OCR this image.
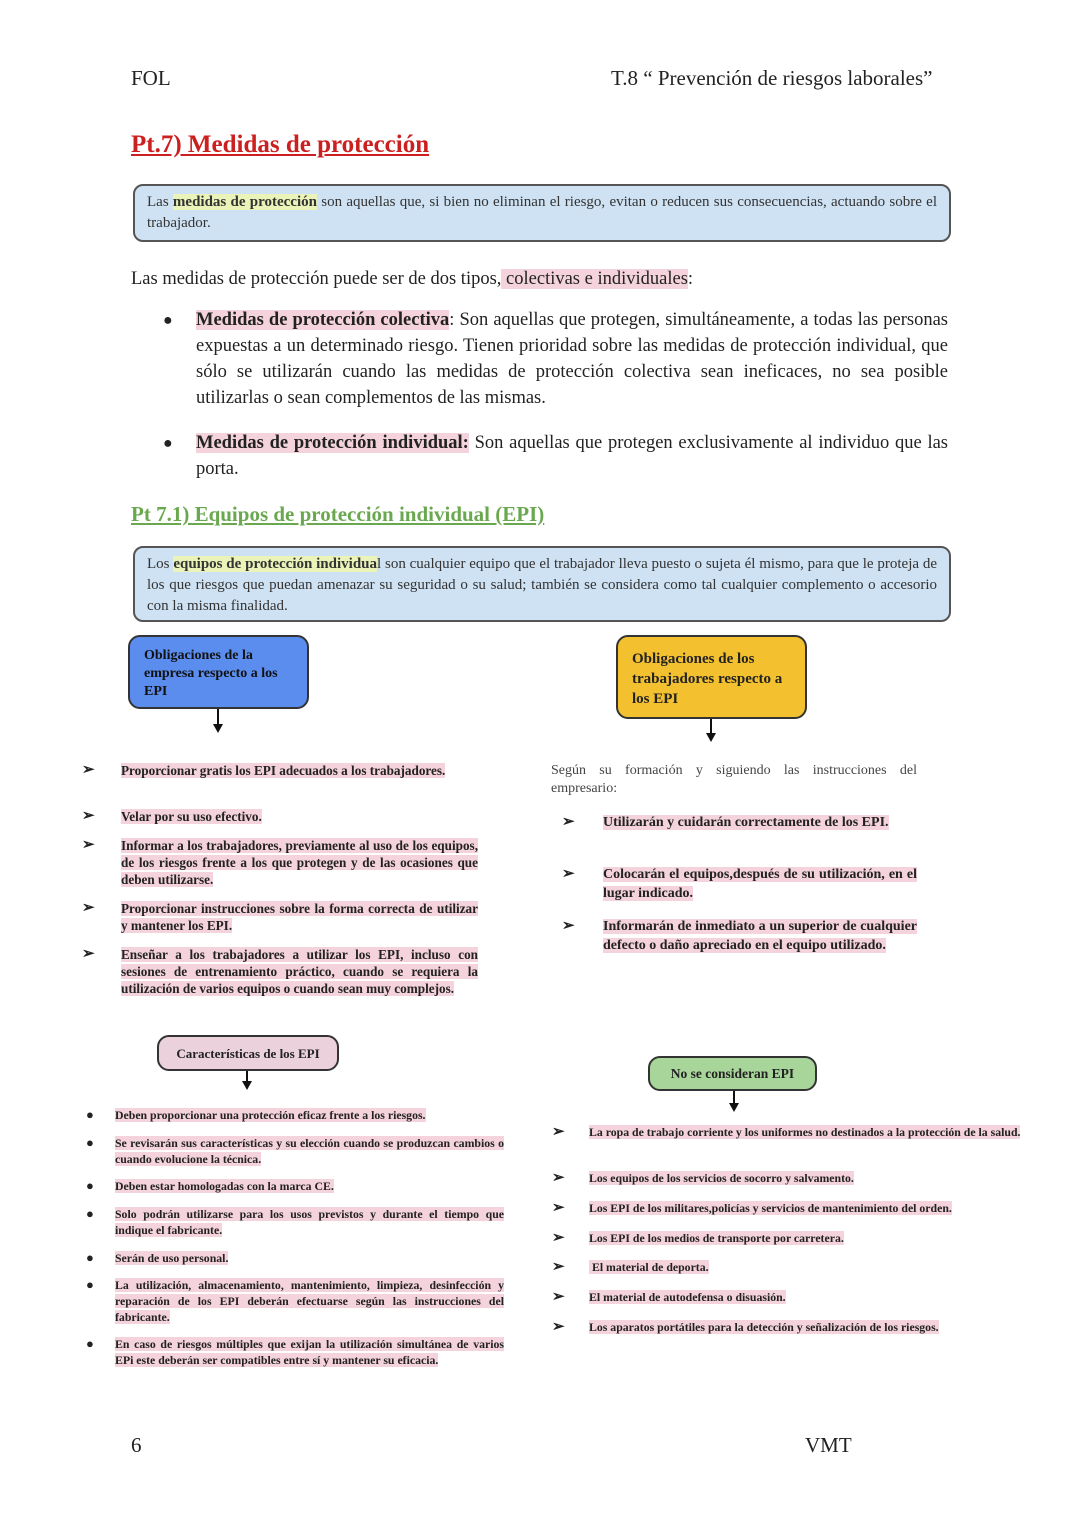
FOL	T.8 “ Prevención de riesgos laborales”
Pt.7) Medidas de protección
Las medidas de protección son aquellas que, si bien no eliminan el riesgo, evitan o reducen sus consecuencias, actuando sobre el trabajador.
Las medidas de protección puede ser de dos tipos, colectivas e individuales:
● Medidas de protección colectiva: Son aquellas que protegen, simultáneamente, a todas las personas expuestas a un determinado riesgo. Tienen prioridad sobre las medidas de protección individual, que sólo se utilizarán cuando las medidas de protección colectiva sean ineficaces, no sea posible utilizarlas o sean complementos de las mismas.
● Medidas de protección individual: Son aquellas que protegen exclusivamente al individuo que las porta.
Pt 7.1) Equipos de protección individual (EPI)
Los equipos de protección individual son cualquier equipo que el trabajador lleva puesto o sujeta él mismo, para que le proteja de los que riesgos que puedan amenazar su seguridad o su salud; también se considera como tal cualquier complemento o accesorio con la misma finalidad.
Obligaciones de la empresa respecto a los EPI
Obligaciones de los trabajadores respecto a los EPI
➢ Proporcionar gratis los EPI adecuados a los trabajadores.
➢ Velar por su uso efectivo.
➢ Informar a los trabajadores, previamente al uso de los equipos, de los riesgos frente a los que protegen y de las ocasiones que deben utilizarse.
➢ Proporcionar instrucciones sobre la forma correcta de utilizar y mantener los EPI.
➢ Enseñar a los trabajadores a utilizar los EPI, incluso con sesiones de entrenamiento práctico, cuando se requiera la utilización de varios equipos o cuando sean muy complejos.
Según su formación y siguiendo las instrucciones del empresario:
➢ Utilizarán y cuidarán correctamente de los EPI.
➢ Colocarán el equipos,después de su utilización, en el lugar indicado.
➢ Informarán de inmediato a un superior de cualquier defecto o daño apreciado en el equipo utilizado.
Características de los EPI
● Deben proporcionar una protección eficaz frente a los riesgos.
● Se revisarán sus características y su elección cuando se produzcan cambios o cuando evolucione la técnica.
● Deben estar homologadas con la marca CE.
● Solo podrán utilizarse para los usos previstos y durante el tiempo que indique el fabricante.
● Serán de uso personal.
● La utilización, almacenamiento, mantenimiento, limpieza, desinfección y reparación de los EPI deberán efectuarse según las instrucciones del fabricante.
● En caso de riesgos múltiples que exijan la utilización simultánea de varios EPi este deberán ser compatibles entre sí y mantener su eficacia.
No se consideran EPI
➢ La ropa de trabajo corriente y los uniformes no destinados a la protección de la salud.
➢ Los equipos de los servicios de socorro y salvamento.
➢ Los EPI de los militares,policías y servicios de mantenimiento del orden.
➢ Los EPI de los medios de transporte por carretera.
➢ El material de deporta.
➢ El material de autodefensa o disuasión.
➢ Los aparatos portátiles para la detección y señalización de los riesgos.
6	VMT
